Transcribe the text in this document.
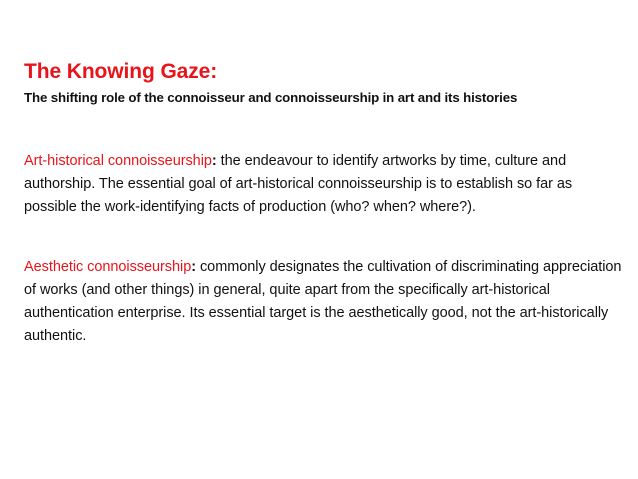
The Knowing Gaze:
The shifting role of the connoisseur and connoisseurship in art and its histories
Art-historical connoisseurship: the endeavour to identify artworks by time, culture and authorship. The essential goal of art-historical connoisseurship is to establish so far as possible the work-identifying facts of production (who? when? where?).
Aesthetic connoisseurship: commonly designates the cultivation of discriminating appreciation of works (and other things) in general, quite apart from the specifically art-historical authentication enterprise. Its essential target is the aesthetically good, not the art-historically authentic.
